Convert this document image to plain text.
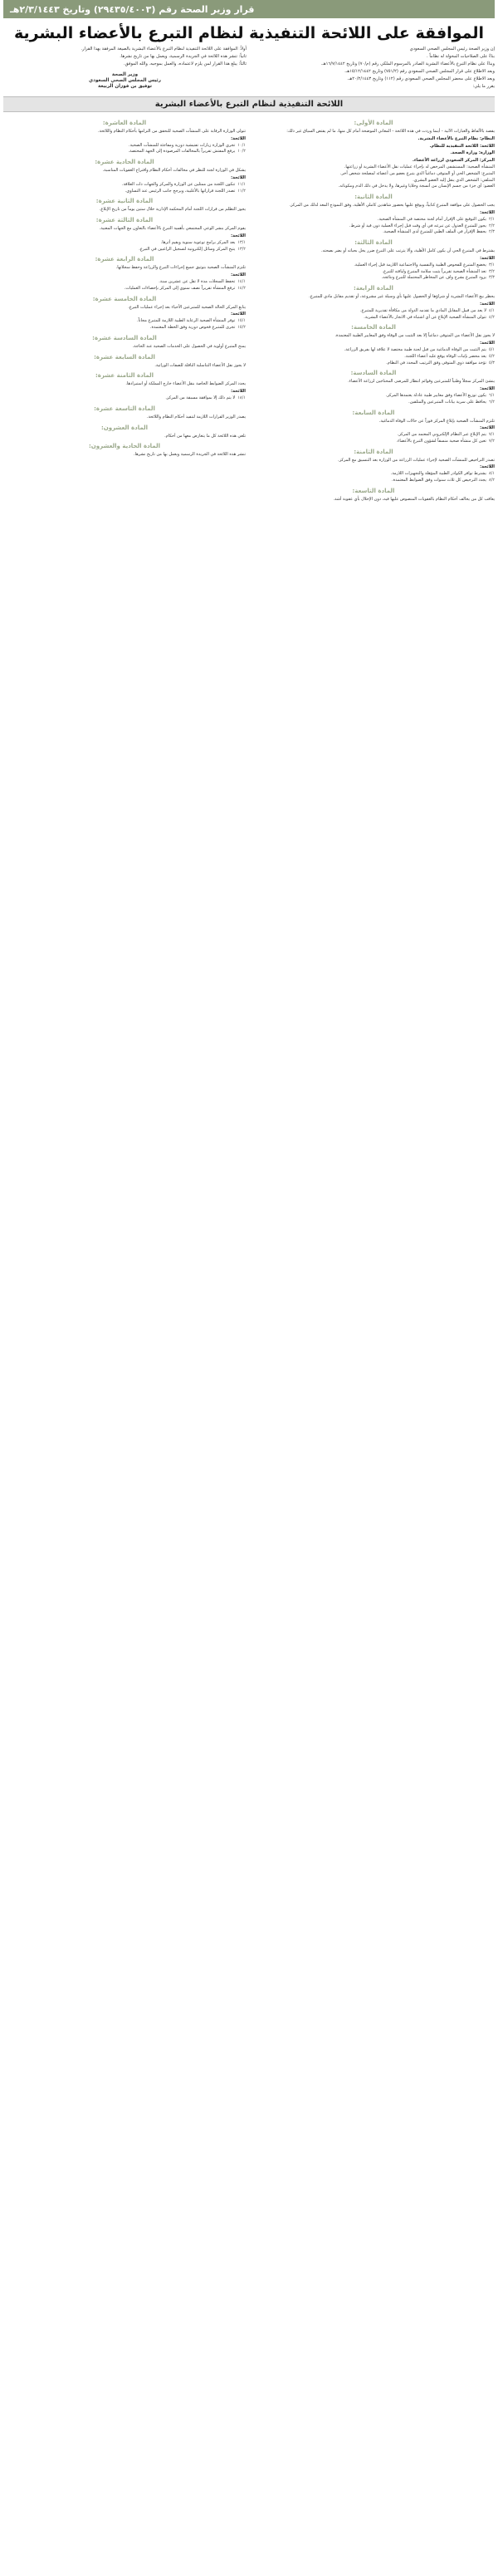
قرار وزير الصحة رقم (٢٩٤٣٥/٤٠٠٣) وتاريخ ٢/٣/١٤٤٣هـ
الموافقة على اللائحة التنفيذية لنظام التبرع بالأعضاء البشرية

إن وزير الصحة رئيس المجلس الصحي السعودي

بناءً على الصلاحيات المخولة له نظاماً .

وبناءً على نظام التبرع بالأعضاء البشرية الصادر بالمرسوم الملكي رقم (م/٧٠) وتاريخ ١٦/٧/١٤٤٢هـ.

وبعد الاطلاع على قرار المجلس الصحي السعودي رقم (٧٥١/٢) وتاريخ ١٥/١٢/١٤٤٢هـ.

وبعد الاطلاع على محضر المجلس الصحي السعودي رقم (١١٢) وتاريخ ٢٠/٢/١٤٤٣هـ.

يقرر ما يلي:

أولاً: الموافقة على اللائحة التنفيذية لنظام التبرع بالأعضاء البشرية بالصيغة المرفقة بهذا القرار.

ثانياً: تنشر هذه اللائحة في الجريدة الرسمية، ويعمل بها من تاريخ نشرها.

ثالثاً: يبلغ هذا القرار لمن يلزم لاعتماده، والعمل بموجبه. والله الموفق.

وزير الصحة
رئيس المجلس الصحي السعودي
توفيق بن فوزان الربيعة
اللائحة التنفيذية لنظام التبرع بالأعضاء البشرية
المادة الأولى:
يقصد بالألفاظ والعبارات الآتية - أينما وردت في هذه اللائحة - المعاني الموضحة أمام كل منها، ما لم يقتض السياق غير ذلك:
النظام: نظام التبرع بالأعضاء البشرية.
اللائحة: اللائحة التنفيذية للنظام.
الوزارة: وزارة الصحة.
المركز: المركز السعودي لزراعة الأعضاء.
المنشأة الصحية: المستشفى المرخص له بإجراء عمليات نقل الأعضاء البشرية أو زراعتها.
المتبرع: الشخص الحي أو المتوفى دماغياً الذي يتبرع بعضو من أعضائه لمصلحة شخص آخر.
المتلقي: الشخص الذي ينقل إليه العضو البشري.
العضو: أي جزء من جسم الإنسان من أنسجة وخلايا وغيرها، ولا يدخل في ذلك الدم ومكوناته.
المادة الثانية:
يجب الحصول على موافقة المتبرع كتابياً، ويوقع عليها بحضور شاهدين كاملي الأهلية، وفق النموذج المعد لذلك من المركز.
اللائحة:
٢/١يكون التوقيع على الإقرار أمام لجنة مختصة في المنشأة الصحية.
٢/٢يجوز للمتبرع العدول عن تبرعه في أي وقت قبل إجراء العملية دون قيد أو شرط.
٢/٣يحفظ الإقرار في الملف الطبي للمتبرع لدى المنشأة الصحية.
المادة الثالثة:
يشترط في المتبرع الحي أن يكون كامل الأهلية، وألا يترتب على التبرع ضرر يخل بحياته أو يضر بصحته.
اللائحة:
٣/١يخضع المتبرع للفحوص الطبية والنفسية والاجتماعية اللازمة قبل إجراء العملية.
٣/٢تعد المنشأة الصحية تقريراً يثبت سلامة المتبرع ولياقته للتبرع.
٣/٣يزود المتبرع بشرح واف عن المخاطر المحتملة للتبرع ونتائجه.
المادة الرابعة:
يحظر بيع الأعضاء البشرية أو شراؤها أو الحصول عليها بأي وسيلة غير مشروعة، أو تقديم مقابل مادي للمتبرع.
اللائحة:
٤/١لا يعد من قبيل المقابل المادي ما تقدمه الدولة من مكافأة تقديرية للمتبرع.
٤/٢تتولى المنشأة الصحية الإبلاغ عن أي اشتباه في الاتجار بالأعضاء البشرية.
المادة الخامسة:
لا يجوز نقل الأعضاء من المتوفى دماغياً إلا بعد التثبت من الوفاة وفق المعايير الطبية المعتمدة.
اللائحة:
٥/١يتم التثبت من الوفاة الدماغية من قبل لجنة طبية مختصة لا علاقة لها بفريق الزراعة.
٥/٢يعد محضر بإثبات الوفاة يوقع عليه أعضاء اللجنة.
٥/٣تؤخذ موافقة ذوي المتوفى وفق الترتيب المحدد في النظام.
المادة السادسة:
ينشئ المركز سجلاً وطنياً للمتبرعين وقوائم انتظار للمرضى المحتاجين لزراعة الأعضاء.
اللائحة:
٦/١يكون توزيع الأعضاء وفق معايير طبية عادلة يعتمدها المركز.
٦/٢يحافظ على سرية بيانات المتبرعين والمتلقين.
المادة السابعة:
تلتزم المنشآت الصحية بإبلاغ المركز فوراً عن حالات الوفاة الدماغية.
اللائحة:
٧/١يتم الإبلاغ عبر النظام الإلكتروني المعتمد من المركز.
٧/٢تعين كل منشأة صحية منسقاً لشؤون التبرع بالأعضاء.
المادة الثامنة:
تصدر التراخيص للمنشآت الصحية لإجراء عمليات الزراعة من الوزارة بعد التنسيق مع المركز.
اللائحة:
٨/١يشترط توافر الكوادر الطبية المؤهلة والتجهيزات اللازمة.
٨/٢يجدد الترخيص كل ثلاث سنوات وفق الضوابط المعتمدة.
المادة التاسعة:
يعاقب كل من يخالف أحكام النظام بالعقوبات المنصوص عليها فيه، دون الإخلال بأي عقوبة أشد.
المادة العاشرة:
تتولى الوزارة الرقابة على المنشآت الصحية للتحقق من التزامها بأحكام النظام واللائحة.
اللائحة:
١٠/١تجري الوزارة زيارات تفتيشية دورية ومفاجئة للمنشآت الصحية.
١٠/٢يرفع المفتش تقريراً بالمخالفات المرصودة إلى الجهة المختصة.
المادة الحادية عشرة:
يشكل في الوزارة لجنة للنظر في مخالفات أحكام النظام واقتراح العقوبات المناسبة.
اللائحة:
١١/١تتكون اللجنة من ممثلين عن الوزارة والمركز والجهات ذات العلاقة.
١١/٢تصدر اللجنة قراراتها بالأغلبية، ويرجح جانب الرئيس عند التساوي.
المادة الثانية عشرة:
يجوز التظلم من قرارات اللجنة أمام المحكمة الإدارية خلال ستين يوماً من تاريخ الإبلاغ.
المادة الثالثة عشرة:
يقوم المركز بنشر الوعي المجتمعي بأهمية التبرع بالأعضاء بالتعاون مع الجهات المعنية.
اللائحة:
١٣/١يعد المركز برامج توعوية سنوية ويقيم أثرها.
١٣/٢يتيح المركز وسائل إلكترونية لتسجيل الراغبين في التبرع.
المادة الرابعة عشرة:
تلتزم المنشآت الصحية بتوثيق جميع إجراءات التبرع والزراعة وحفظ سجلاتها.
اللائحة:
١٤/١تحفظ السجلات مدة لا تقل عن عشرين سنة.
١٤/٢ترفع المنشأة تقريراً نصف سنوي إلى المركز بإحصاءات العمليات.
المادة الخامسة عشرة:
يتابع المركز الحالة الصحية للمتبرعين الأحياء بعد إجراء عمليات التبرع.
اللائحة:
١٥/١توفر المنشأة الصحية الرعاية الطبية اللازمة للمتبرع مجاناً.
١٥/٢تجرى للمتبرع فحوص دورية وفق الخطة المعتمدة.
المادة السادسة عشرة:
يمنح المتبرع أولوية في الحصول على الخدمات الصحية عند الحاجة.
المادة السابعة عشرة:
لا يجوز نقل الأعضاء التناسلية الناقلة للصفات الوراثية.
المادة الثامنة عشرة:
يحدد المركز الضوابط الخاصة بنقل الأعضاء خارج المملكة أو استيرادها.
اللائحة:
١٨/١لا يتم ذلك إلا بموافقة مسبقة من المركز.
المادة التاسعة عشرة:
يصدر الوزير القرارات اللازمة لتنفيذ أحكام النظام واللائحة.
المادة العشرون:
تلغي هذه اللائحة كل ما يتعارض معها من أحكام.
المادة الحادية والعشرون:
تنشر هذه اللائحة في الجريدة الرسمية ويعمل بها من تاريخ نشرها.
